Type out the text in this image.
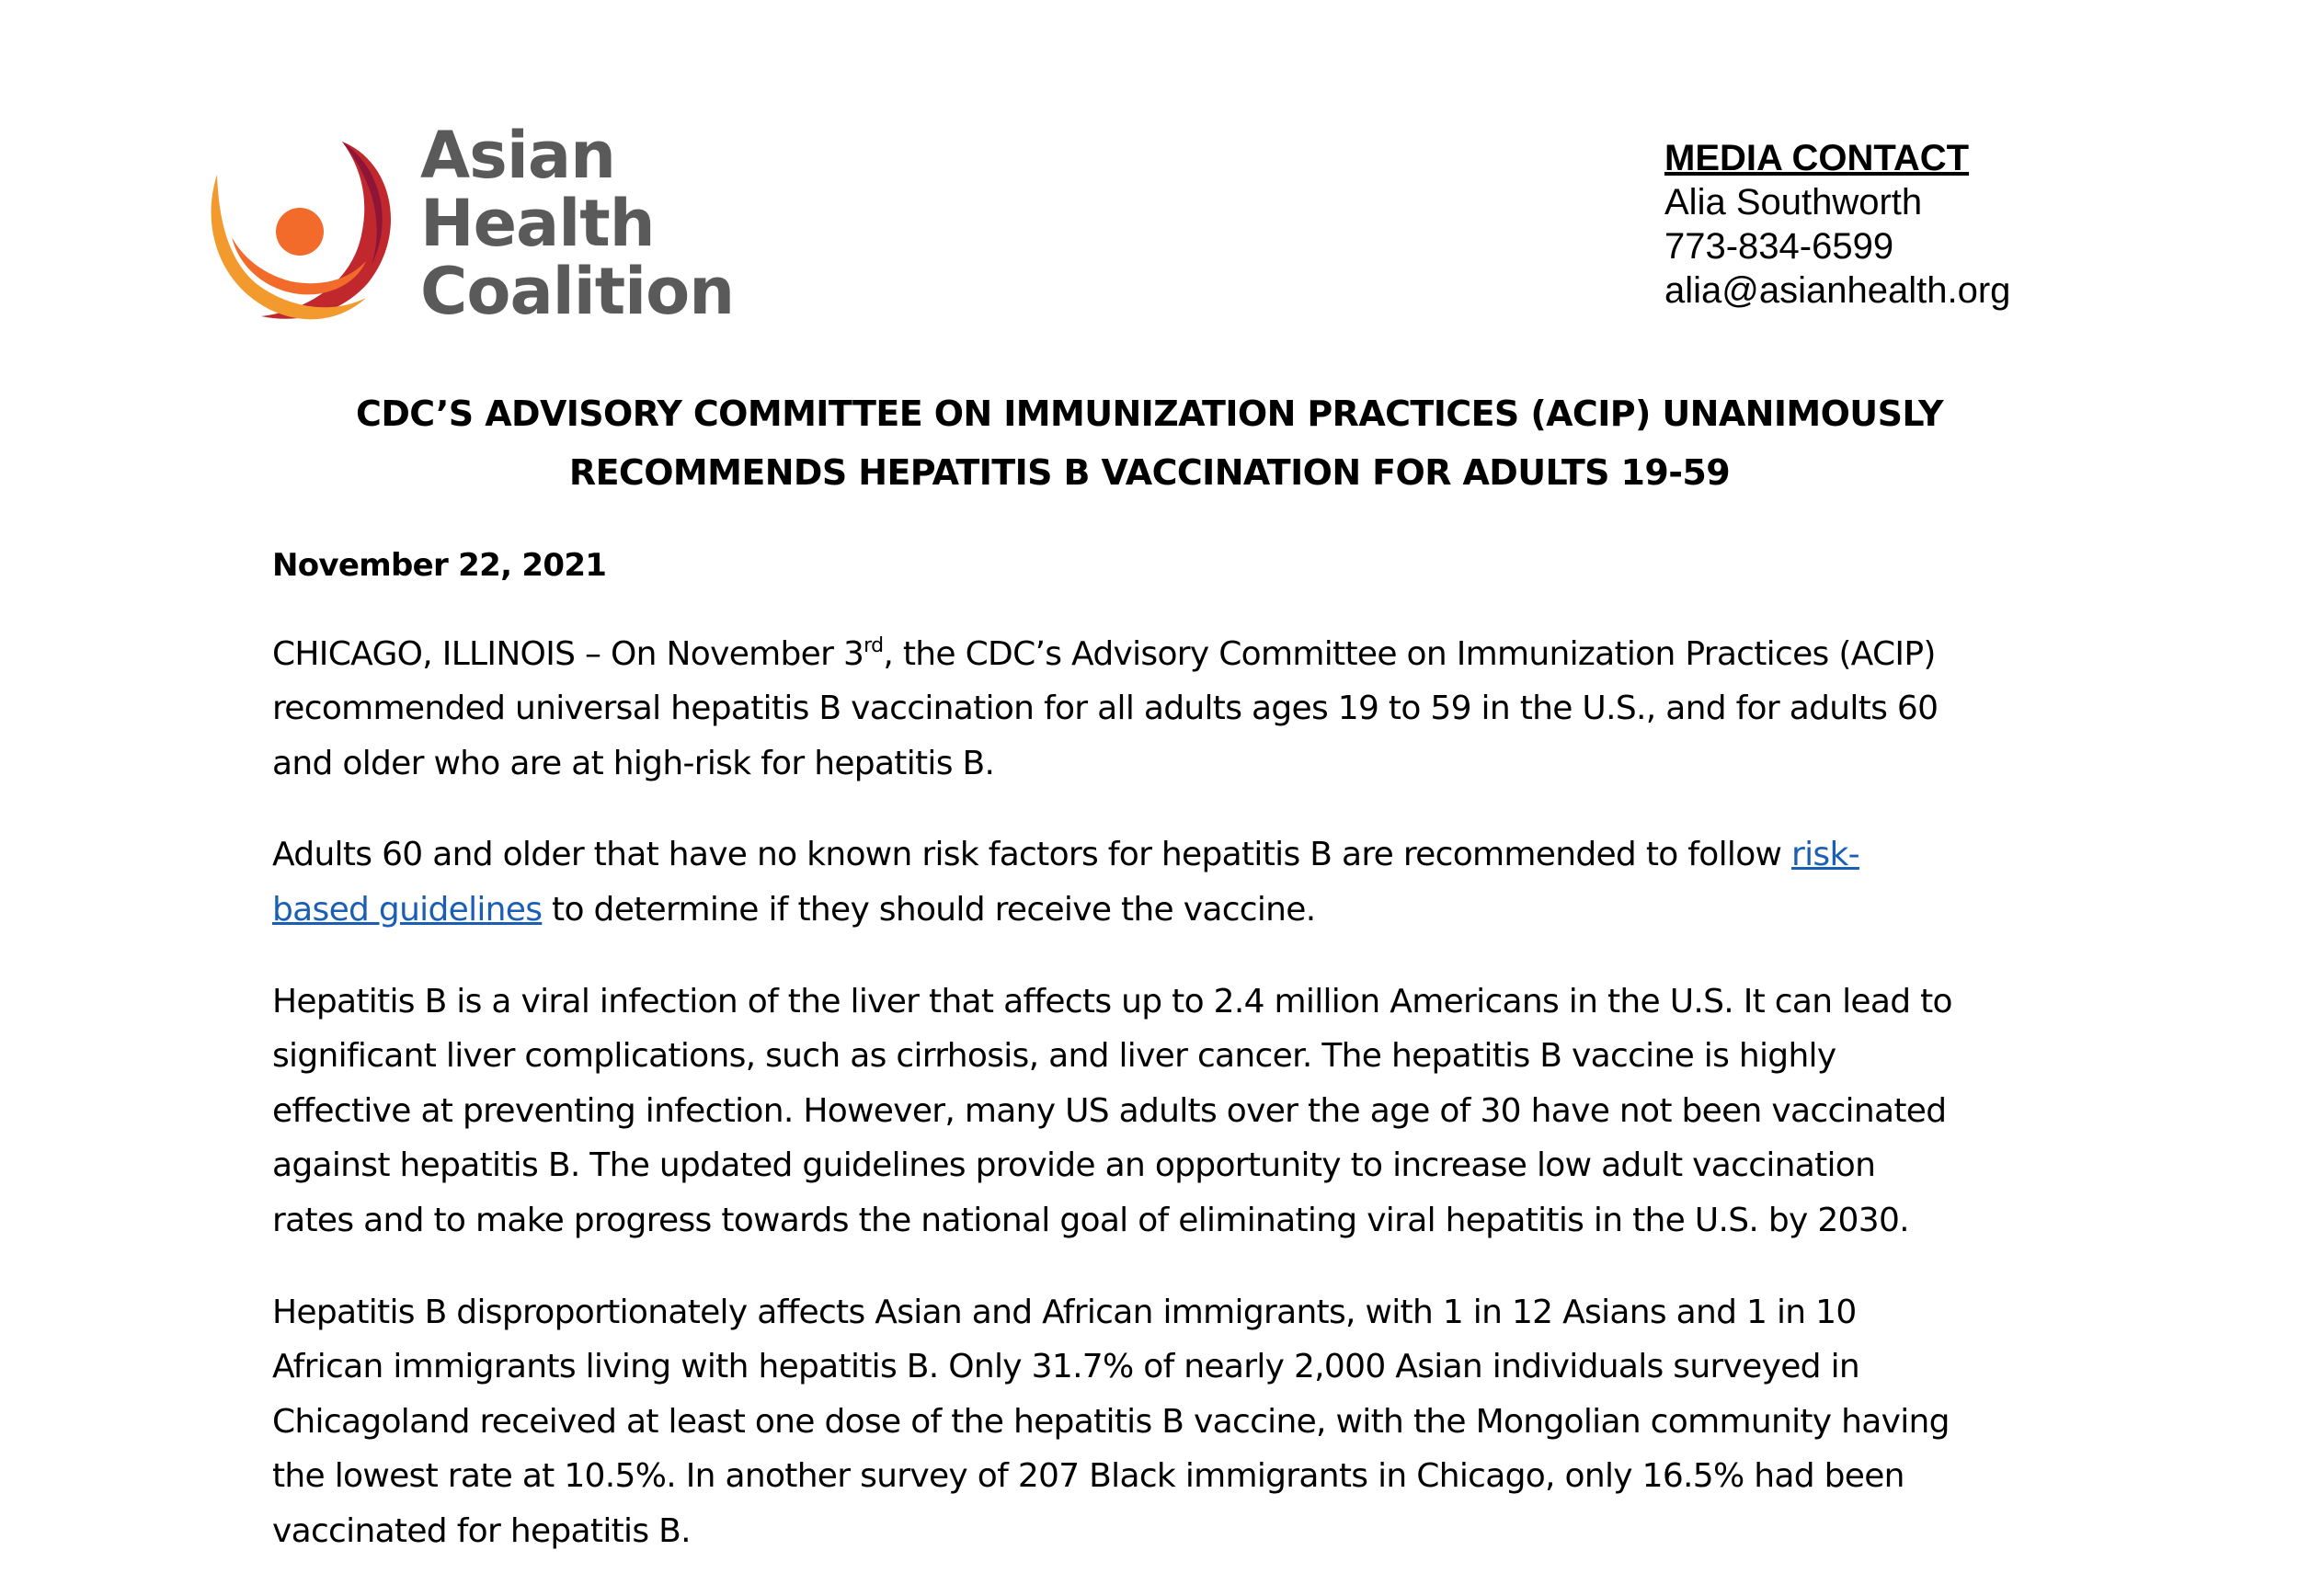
Asian
Health
Coalition
MEDIA CONTACT
Alia Southworth
773-834-6599
alia@asianhealth.org
CDC’S ADVISORY COMMITTEE ON IMMUNIZATION PRACTICES (ACIP) UNANIMOUSLY
RECOMMENDS HEPATITIS B VACCINATION FOR ADULTS 19-59
November 22, 2021

CHICAGO, ILLINOIS – On November 3rd, the CDC’s Advisory Committee on Immunization Practices (ACIP)
recommended universal hepatitis B vaccination for all adults ages 19 to 59 in the U.S., and for adults 60
and older who are at high-risk for hepatitis B.

Adults 60 and older that have no known risk factors for hepatitis B are recommended to follow risk-
based guidelines to determine if they should receive the vaccine.

Hepatitis B is a viral infection of the liver that affects up to 2.4 million Americans in the U.S. It can lead to
significant liver complications, such as cirrhosis, and liver cancer. The hepatitis B vaccine is highly
effective at preventing infection. However, many US adults over the age of 30 have not been vaccinated
against hepatitis B. The updated guidelines provide an opportunity to increase low adult vaccination
rates and to make progress towards the national goal of eliminating viral hepatitis in the U.S. by 2030.

Hepatitis B disproportionately affects Asian and African immigrants, with 1 in 12 Asians and 1 in 10
African immigrants living with hepatitis B. Only 31.7% of nearly 2,000 Asian individuals surveyed in
Chicagoland received at least one dose of the hepatitis B vaccine, with the Mongolian community having
the lowest rate at 10.5%. In another survey of 207 Black immigrants in Chicago, only 16.5% had been
vaccinated for hepatitis B.
